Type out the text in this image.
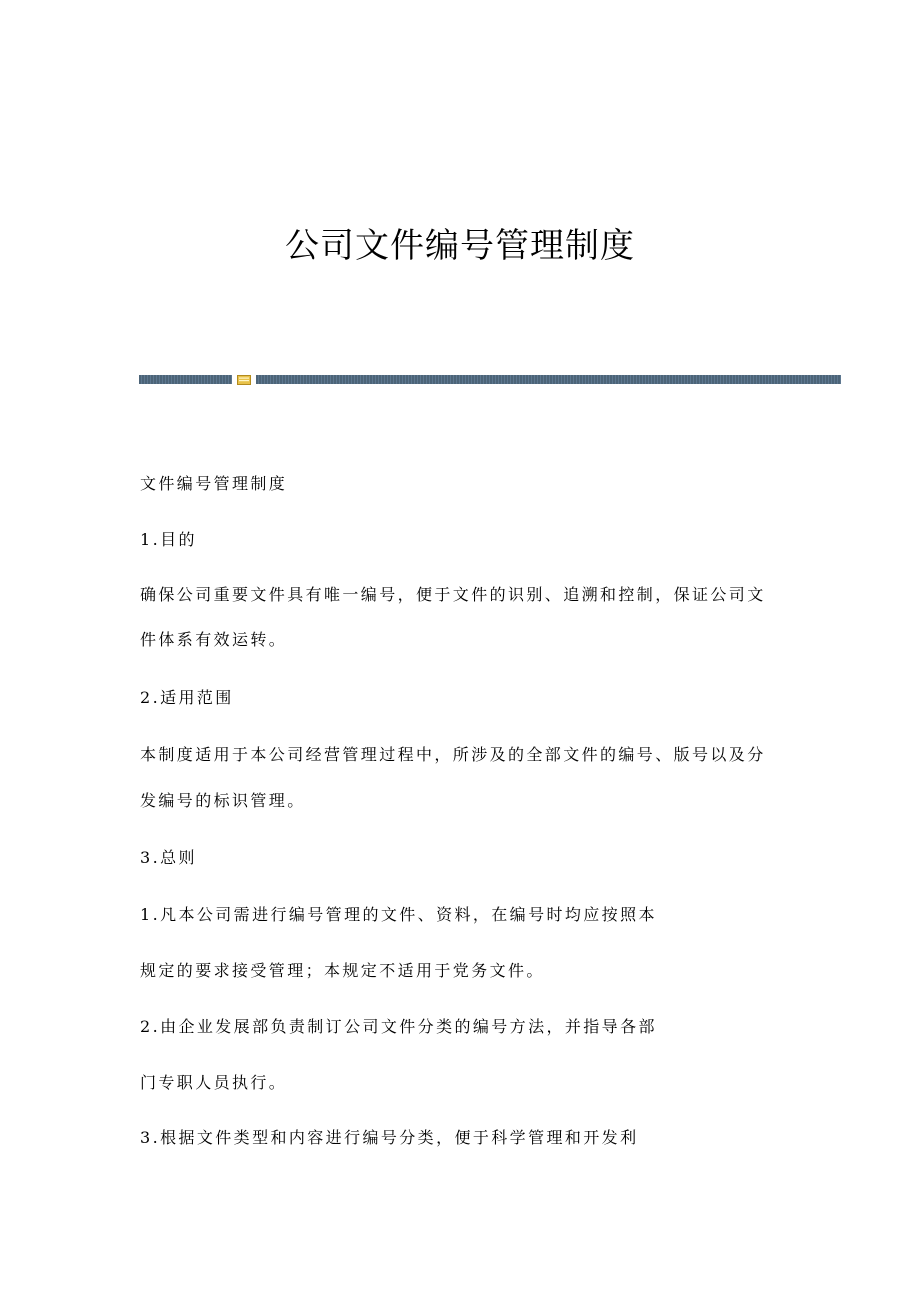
公司文件编号管理制度
文件编号管理制度
1.目的
确保公司重要文件具有唯一编号，便于文件的识别、追溯和控制，保证公司文
件体系有效运转。
2.适用范围
本制度适用于本公司经营管理过程中，所涉及的全部文件的编号、版号以及分
发编号的标识管理。
3.总则
1.凡本公司需进行编号管理的文件、资料，在编号时均应按照本
规定的要求接受管理；本规定不适用于党务文件。
2.由企业发展部负责制订公司文件分类的编号方法，并指导各部
门专职人员执行。
3.根据文件类型和内容进行编号分类，便于科学管理和开发利
